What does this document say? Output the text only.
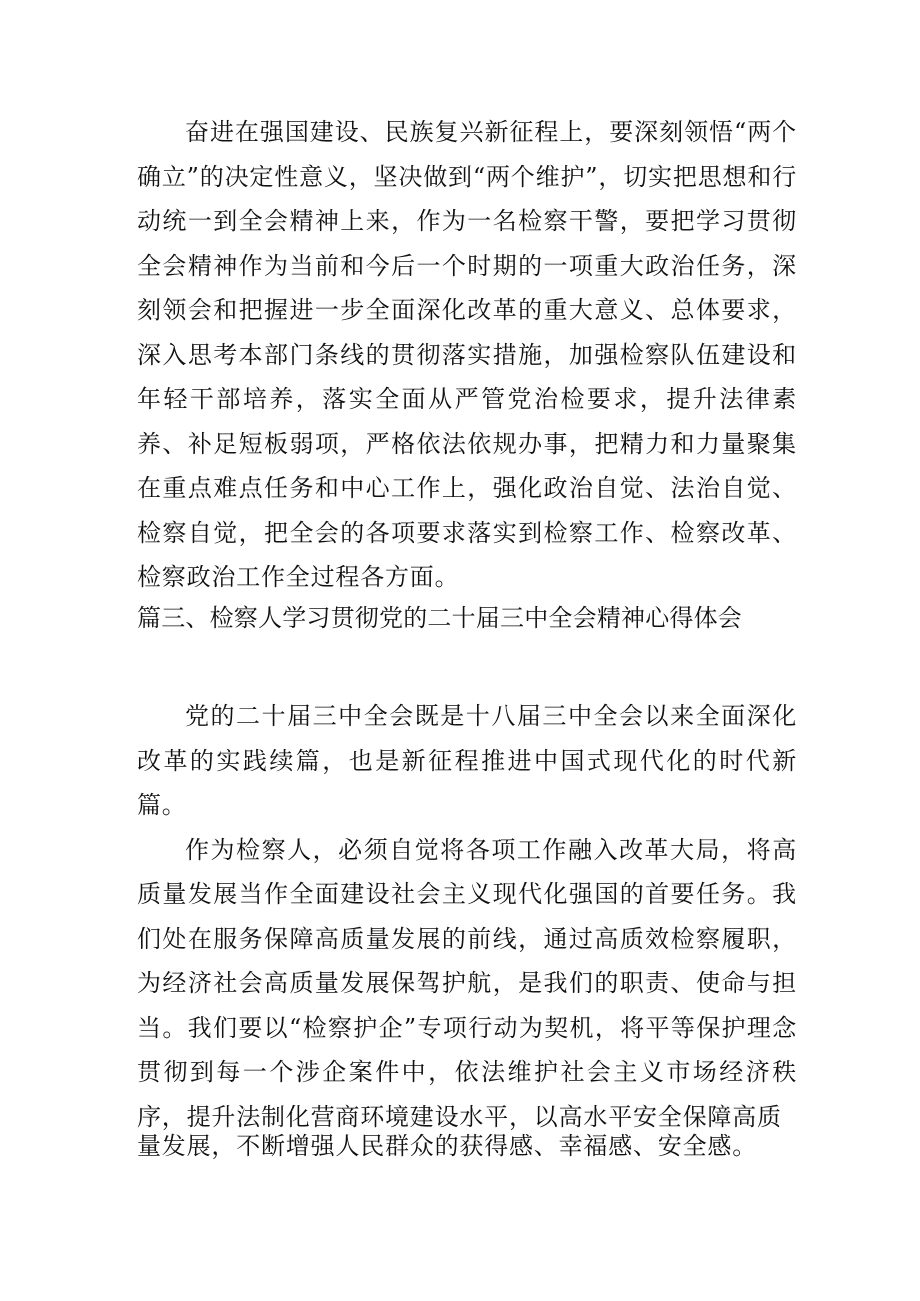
奋进在强国建设、民族复兴新征程上，要深刻领悟“两个确立”的决定性意义，坚决做到“两个维护”，切实把思想和行动统一到全会精神上来，作为一名检察干警，要把学习贯彻全会精神作为当前和今后一个时期的一项重大政治任务，深刻领会和把握进一步全面深化改革的重大意义、总体要求，深入思考本部门条线的贯彻落实措施，加强检察队伍建设和年轻干部培养，落实全面从严管党治检要求，提升法律素养、补足短板弱项，严格依法依规办事，把精力和力量聚集在重点难点任务和中心工作上，强化政治自觉、法治自觉、检察自觉，把全会的各项要求落实到检察工作、检察改革、检察政治工作全过程各方面。

篇三、检察人学习贯彻党的二十届三中全会精神心得体会

党的二十届三中全会既是十八届三中全会以来全面深化改革的实践续篇，也是新征程推进中国式现代化的时代新篇。

作为检察人，必须自觉将各项工作融入改革大局，将高质量发展当作全面建设社会主义现代化强国的首要任务。我们处在服务保障高质量发展的前线，通过高质效检察履职，为经济社会高质量发展保驾护航，是我们的职责、使命与担当。我们要以“检察护企”专项行动为契机，将平等保护理念贯彻到每一个涉企案件中，依法维护社会主义市场经济秩序，提升法制化营商环境建设水平，以高水平安全保障高质

量发展，不断增强人民群众的获得感、幸福感、安全感。
